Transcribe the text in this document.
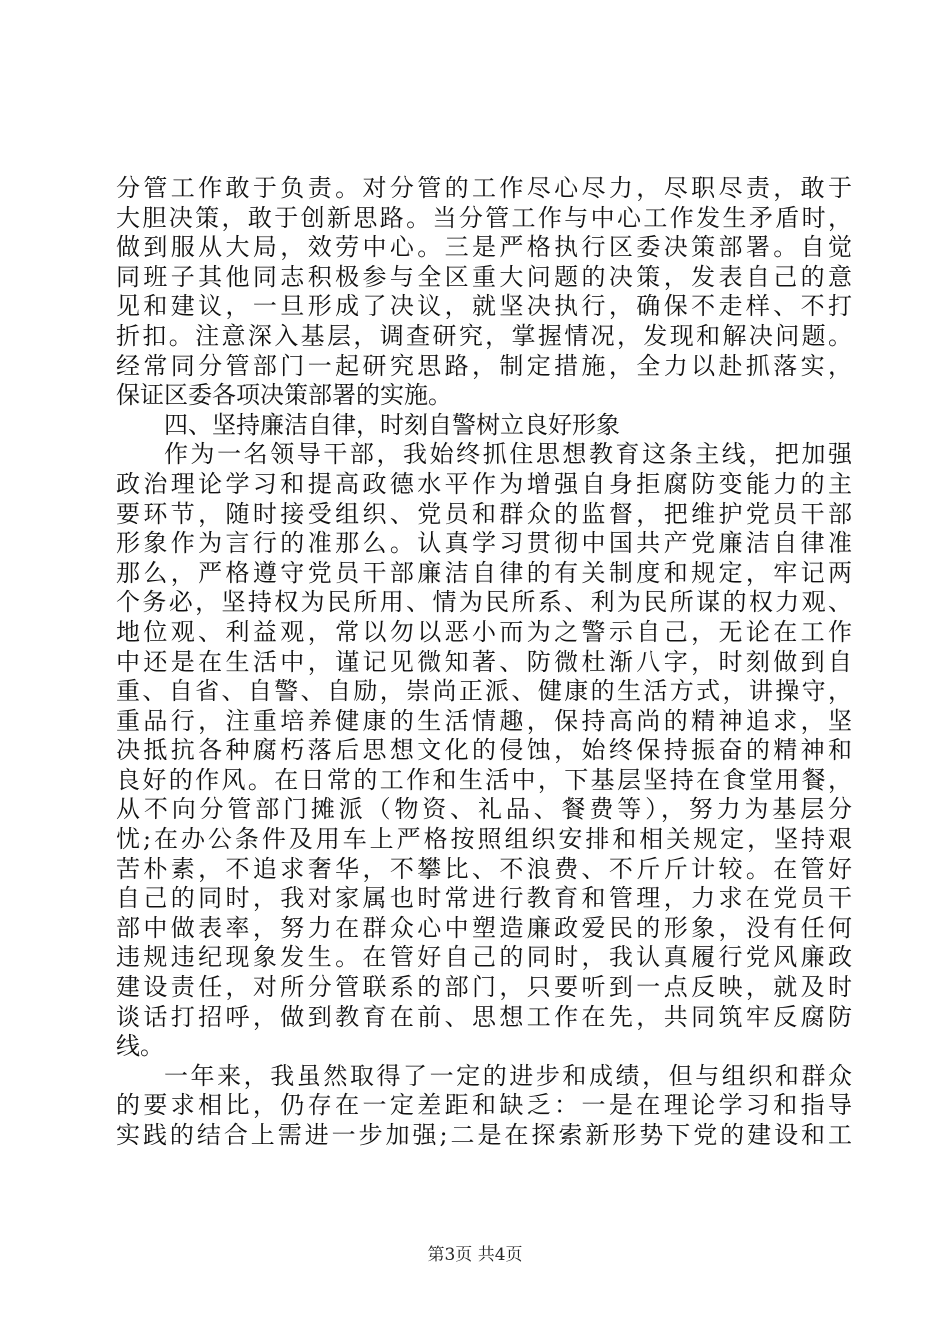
分管工作敢于负责。对分管的工作尽心尽力，尽职尽责，敢于
大胆决策，敢于创新思路。当分管工作与中心工作发生矛盾时，
做到服从大局，效劳中心。三是严格执行区委决策部署。自觉
同班子其他同志积极参与全区重大问题的决策，发表自己的意
见和建议，一旦形成了决议，就坚决执行，确保不走样、不打
折扣。注意深入基层，调查研究，掌握情况，发现和解决问题。
经常同分管部门一起研究思路，制定措施，全力以赴抓落实，
保证区委各项决策部署的实施。
四、坚持廉洁自律，时刻自警树立良好形象
作为一名领导干部，我始终抓住思想教育这条主线，把加强
政治理论学习和提高政德水平作为增强自身拒腐防变能力的主
要环节，随时接受组织、党员和群众的监督，把维护党员干部
形象作为言行的准那么。认真学习贯彻中国共产党廉洁自律准
那么，严格遵守党员干部廉洁自律的有关制度和规定，牢记两
个务必，坚持权为民所用、情为民所系、利为民所谋的权力观、
地位观、利益观，常以勿以恶小而为之警示自己，无论在工作
中还是在生活中，谨记见微知著、防微杜渐八字，时刻做到自
重、自省、自警、自励，崇尚正派、健康的生活方式，讲操守，
重品行，注重培养健康的生活情趣，保持高尚的精神追求，坚
决抵抗各种腐朽落后思想文化的侵蚀，始终保持振奋的精神和
良好的作风。在日常的工作和生活中，下基层坚持在食堂用餐，
从不向分管部门摊派（物资、礼品、餐费等），努力为基层分
忧;在办公条件及用车上严格按照组织安排和相关规定，坚持艰
苦朴素，不追求奢华，不攀比、不浪费、不斤斤计较。在管好
自己的同时，我对家属也时常进行教育和管理，力求在党员干
部中做表率，努力在群众心中塑造廉政爱民的形象，没有任何
违规违纪现象发生。在管好自己的同时，我认真履行党风廉政
建设责任，对所分管联系的部门，只要听到一点反映，就及时
谈话打招呼，做到教育在前、思想工作在先，共同筑牢反腐防
线。
一年来，我虽然取得了一定的进步和成绩，但与组织和群众
的要求相比，仍存在一定差距和缺乏：一是在理论学习和指导
实践的结合上需进一步加强;二是在探索新形势下党的建设和工
第3页 共4页
